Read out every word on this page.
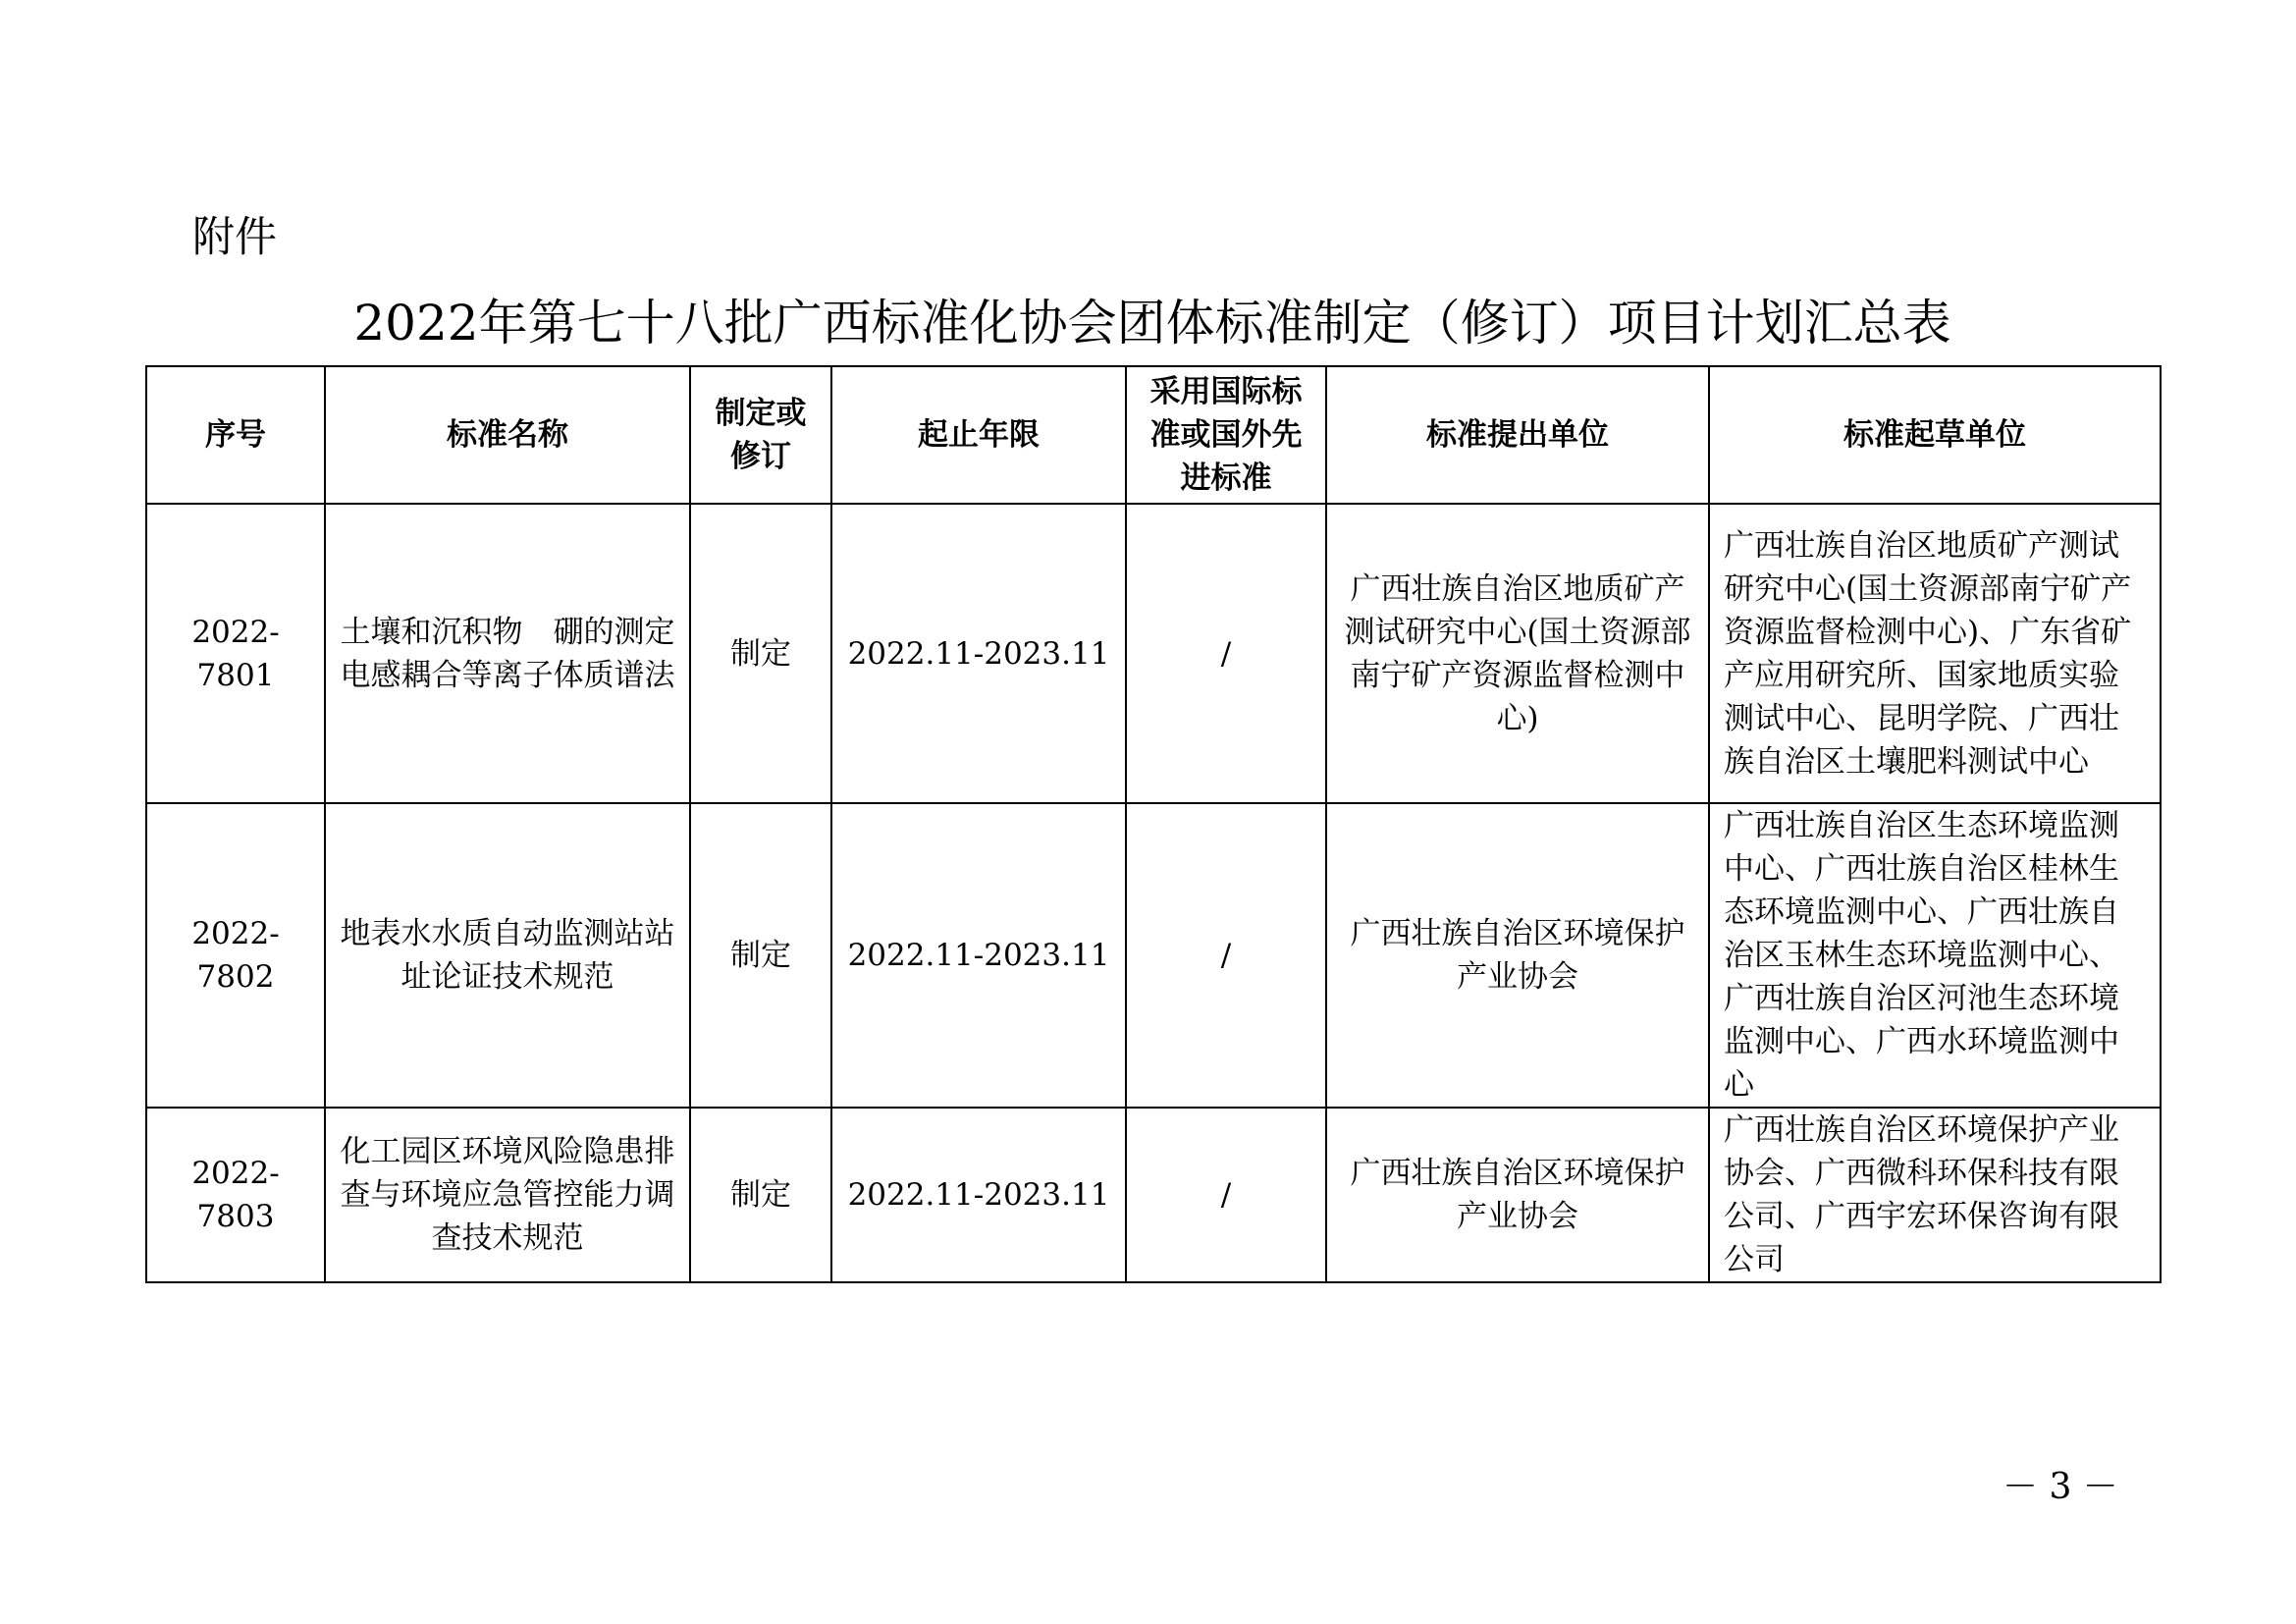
附件
2022年第七十八批广西标准化协会团体标准制定（修订）项目计划汇总表
序号	标准名称	制定或修订	起止年限	采用国际标准或国外先进标准	标准提出单位	标准起草单位
2022-7801	土壤和沉积物　硼的测定　电感耦合等离子体质谱法	制定	2022.11-2023.11	/	广西壮族自治区地质矿产测试研究中心(国土资源部南宁矿产资源监督检测中心)	广西壮族自治区地质矿产测试研究中心(国土资源部南宁矿产资源监督检测中心)、广东省矿产应用研究所、国家地质实验测试中心、昆明学院、广西壮族自治区土壤肥料测试中心
2022-7802	地表水水质自动监测站站址论证技术规范	制定	2022.11-2023.11	/	广西壮族自治区环境保护产业协会	广西壮族自治区生态环境监测中心、广西壮族自治区桂林生态环境监测中心、广西壮族自治区玉林生态环境监测中心、广西壮族自治区河池生态环境监测中心、广西水环境监测中心
2022-7803	化工园区环境风险隐患排查与环境应急管控能力调查技术规范	制定	2022.11-2023.11	/	广西壮族自治区环境保护产业协会	广西壮族自治区环境保护产业协会、广西微科环保科技有限公司、广西宇宏环保咨询有限公司
－ 3 －
